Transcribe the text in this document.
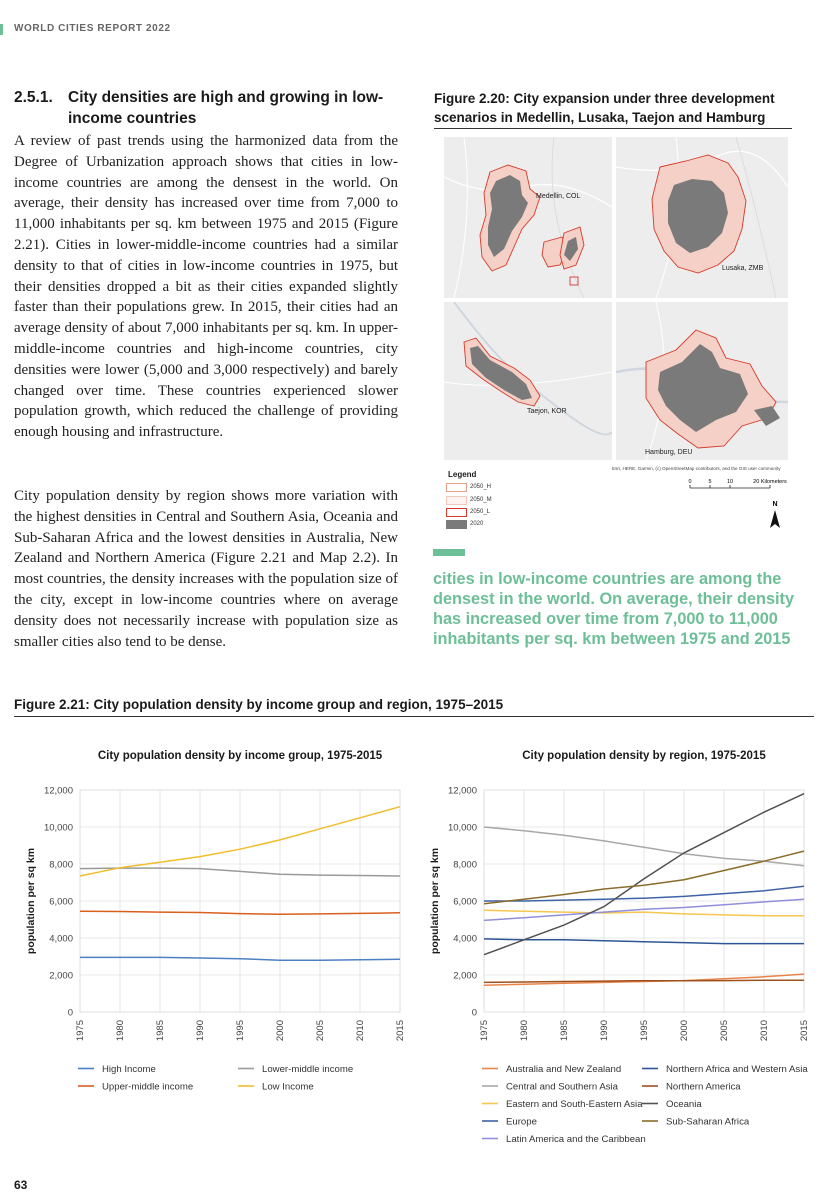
WORLD CITIES REPORT 2022
2.5.1. City densities are high and growing in low-income countries

A review of past trends using the harmonized data from the Degree of Urbanization approach shows that cities in low-income countries are among the densest in the world. On average, their density has increased over time from 7,000 to 11,000 inhabitants per sq. km between 1975 and 2015 (Figure 2.21). Cities in lower-middle-income countries had a similar density to that of cities in low-income countries in 1975, but their densities dropped a bit as their cities expanded slightly faster than their populations grew. In 2015, their cities had an average density of about 7,000 inhabitants per sq. km. In upper-middle-income countries and high-income countries, city densities were lower (5,000 and 3,000 respectively) and barely changed over time. These countries experienced slower population growth, which reduced the challenge of providing enough housing and infrastructure.

City population density by region shows more variation with the highest densities in Central and Southern Asia, Oceania and Sub-Saharan Africa and the lowest densities in Australia, New Zealand and Northern America (Figure 2.21 and Map 2.2). In most countries, the density increases with the population size of the city, except in low-income countries where on average density does not necessarily increase with population size as smaller cities also tend to be dense.

Figure 2.20: City expansion under three development scenarios in Medellin, Lusaka, Taejon and Hamburg
Medellin, COL
Lusaka, ZMB
Taejon, KOR
Hamburg, DEU
Esri, HERE, Garmin, (c) OpenStreetMap contributors, and the GIS user community
Legend
2050_H
2050_M
2050_L
2020
0	5	10	20 Kilometers
N
cities in low-income countries are among the densest in the world. On average, their density has increased over time from 7,000 to 11,000 inhabitants per sq. km between 1975 and 2015
Figure 2.21: City population density by income group and region, 1975–2015
City population density by income group, 1975-2015
0
2,000
4,000
6,000
8,000
10,000
12,000
1975	1980	1985	1990	1995	2000	2005	2010	2015
population per sq km
High Income
Upper-middle income
Lower-middle income
Low Income
City population density by region, 1975-2015
0
2,000
4,000
6,000
8,000
10,000
12,000
1975	1980	1985	1990	1995	2000	2005	2010	2015
population per sq km
Australia and New Zealand
Central and Southern Asia
Eastern and South-Eastern Asia
Europe
Latin America and the Caribbean
Northern Africa and Western Asia
Northern America
Oceania
Sub-Saharan Africa
63
